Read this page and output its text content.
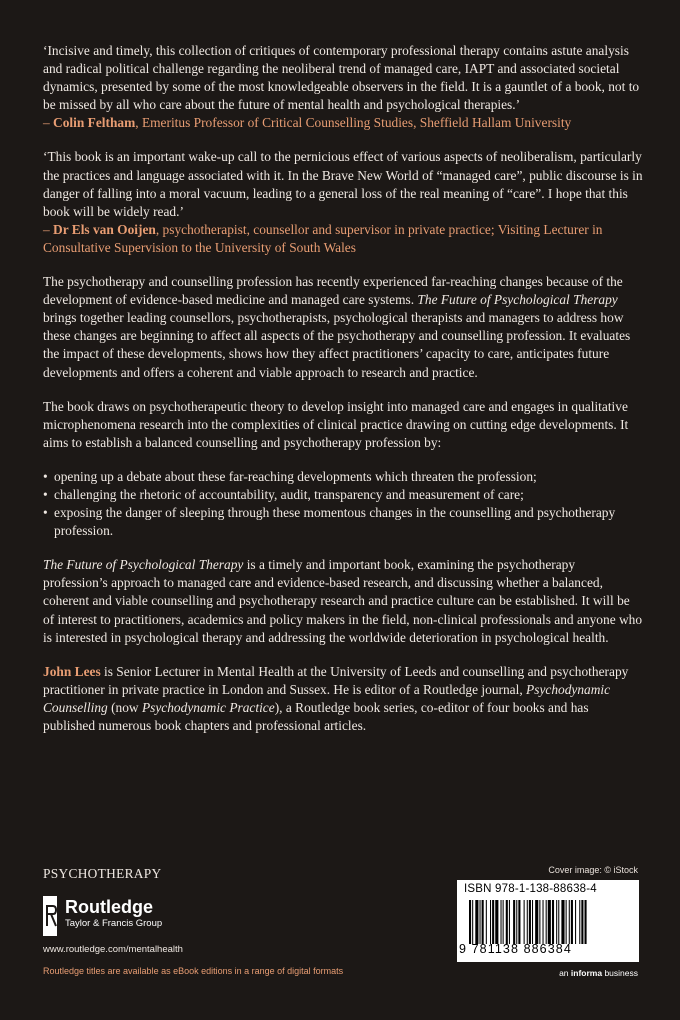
‘Incisive and timely, this collection of critiques of contemporary professional therapy contains astute analysis and radical political challenge regarding the neoliberal trend of managed care, IAPT and associated societal dynamics, presented by some of the most knowledgeable observers in the field. It is a gauntlet of a book, not to be missed by all who care about the future of mental health and psychological therapies.’

– Colin Feltham, Emeritus Professor of Critical Counselling Studies, Sheffield Hallam University

‘This book is an important wake-up call to the pernicious effect of various aspects of neoliberalism, particularly the practices and language associated with it. In the Brave New World of “managed care”, public discourse is in danger of falling into a moral vacuum, leading to a general loss of the real meaning of “care”. I hope that this book will be widely read.’

– Dr Els van Ooijen, psychotherapist, counsellor and supervisor in private practice; Visiting Lecturer in Consultative Supervision to the University of South Wales

The psychotherapy and counselling profession has recently experienced far-reaching changes because of the development of evidence-based medicine and managed care systems. The Future of Psychological Therapy brings together leading counsellors, psychotherapists, psychological therapists and managers to address how these changes are beginning to affect all aspects of the psychotherapy and counselling profession. It evaluates the impact of these developments, shows how they affect practitioners’ capacity to care, anticipates future developments and offers a coherent and viable approach to research and practice.

The book draws on psychotherapeutic theory to develop insight into managed care and engages in qualitative microphenomena research into the complexities of clinical practice drawing on cutting edge developments. It aims to establish a balanced counselling and psychotherapy profession by:

• opening up a debate about these far-reaching developments which threaten the profession;
• challenging the rhetoric of accountability, audit, transparency and measurement of care;
• exposing the danger of sleeping through these momentous changes in the counselling and psychotherapy profession.

The Future of Psychological Therapy is a timely and important book, examining the psychotherapy profession’s approach to managed care and evidence-based research, and discussing whether a balanced, coherent and viable counselling and psychotherapy research and practice culture can be established. It will be of interest to practitioners, academics and policy makers in the field, non-clinical professionals and anyone who is interested in psychological therapy and addressing the worldwide deterioration in psychological health.

John Lees is Senior Lecturer in Mental Health at the University of Leeds and counselling and psychotherapy practitioner in private practice in London and Sussex. He is editor of a Routledge journal, Psychodynamic Counselling (now Psychodynamic Practice), a Routledge book series, co-editor of four books and has published numerous book chapters and professional articles.

PSYCHOTHERAPY	Cover image: © iStock
Routledge
Taylor & Francis Group
www.routledge.com/mentalhealth
Routledge titles are available as eBook editions in a range of digital formats
ISBN 978-1-138-88638-4
9 781138 886384
an informa business
